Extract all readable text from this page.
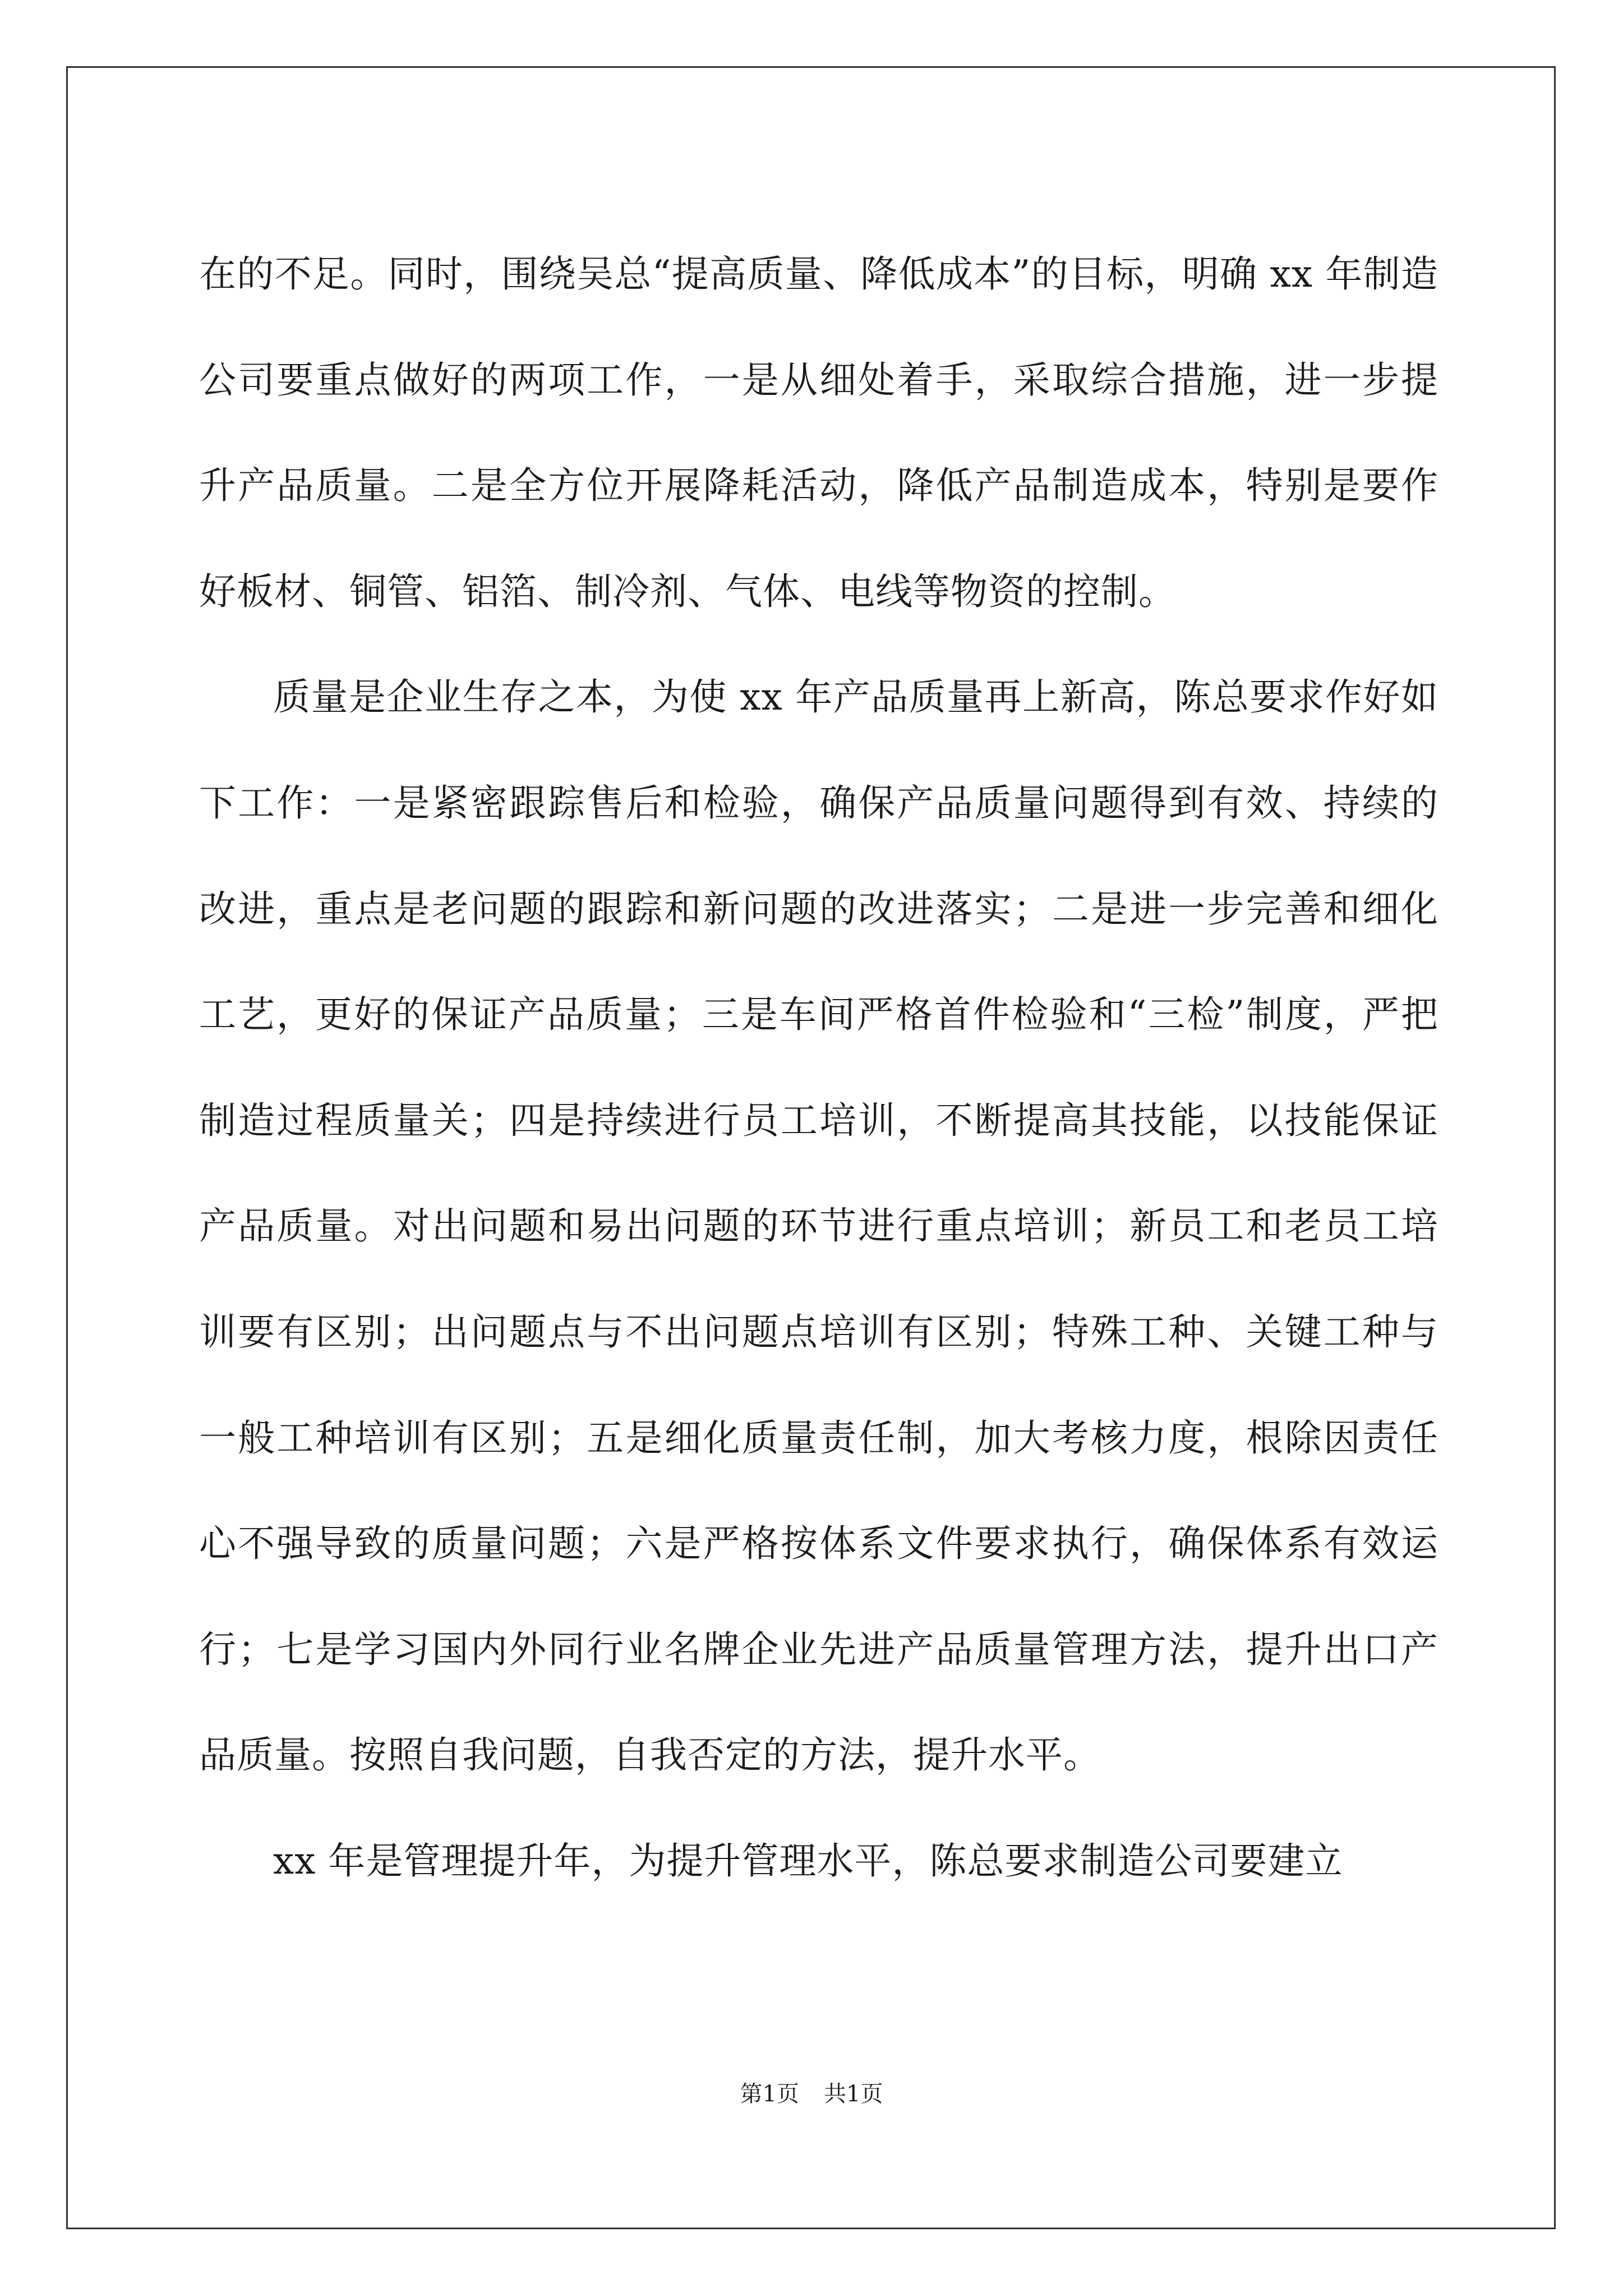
在的不足。同时，围绕吴总“提高质量、降低成本”的目标，明确 xx 年制造公司要重点做好的两项工作，一是从细处着手，采取综合措施，进一步提升产品质量。二是全方位开展降耗活动，降低产品制造成本，特别是要作好板材、铜管、铝箔、制冷剂、气体、电线等物资的控制。

质量是企业生存之本，为使 xx 年产品质量再上新高，陈总要求作好如下工作：一是紧密跟踪售后和检验，确保产品质量问题得到有效、持续的改进，重点是老问题的跟踪和新问题的改进落实；二是进一步完善和细化工艺，更好的保证产品质量；三是车间严格首件检验和“三检”制度，严把制造过程质量关；四是持续进行员工培训，不断提高其技能，以技能保证产品质量。对出问题和易出问题的环节进行重点培训；新员工和老员工培训要有区别；出问题点与不出问题点培训有区别；特殊工种、关键工种与一般工种培训有区别；五是细化质量责任制，加大考核力度，根除因责任心不强导致的质量问题；六是严格按体系文件要求执行，确保体系有效运行；七是学习国内外同行业名牌企业先进产品质量管理方法，提升出口产品质量。按照自我问题，自我否定的方法，提升水平。

xx 年是管理提升年，为提升管理水平，陈总要求制造公司要建立

第1页 共1页
